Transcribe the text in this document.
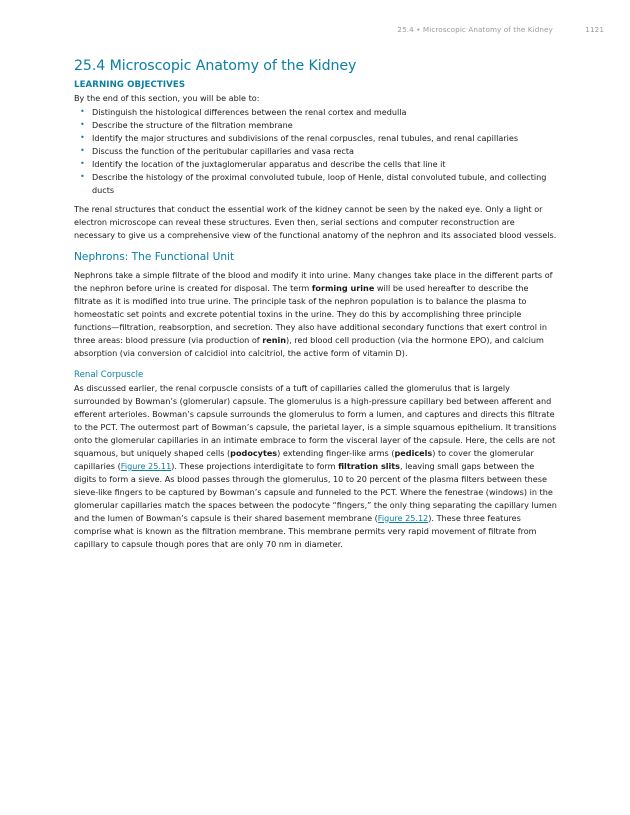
25.4 • Microscopic Anatomy of the Kidney	1121
25.4 Microscopic Anatomy of the Kidney
LEARNING OBJECTIVES

By the end of this section, you will be able to:

• Distinguish the histological differences between the renal cortex and medulla
• Describe the structure of the filtration membrane
• Identify the major structures and subdivisions of the renal corpuscles, renal tubules, and renal capillaries
• Discuss the function of the peritubular capillaries and vasa recta
• Identify the location of the juxtaglomerular apparatus and describe the cells that line it
• Describe the histology of the proximal convoluted tubule, loop of Henle, distal convoluted tubule, and collecting ducts

The renal structures that conduct the essential work of the kidney cannot be seen by the naked eye. Only a light or electron microscope can reveal these structures. Even then, serial sections and computer reconstruction are necessary to give us a comprehensive view of the functional anatomy of the nephron and its associated blood vessels.

Nephrons: The Functional Unit

Nephrons take a simple filtrate of the blood and modify it into urine. Many changes take place in the different parts of the nephron before urine is created for disposal. The term forming urine will be used hereafter to describe the filtrate as it is modified into true urine. The principle task of the nephron population is to balance the plasma to homeostatic set points and excrete potential toxins in the urine. They do this by accomplishing three principle functions—filtration, reabsorption, and secretion. They also have additional secondary functions that exert control in three areas: blood pressure (via production of renin), red blood cell production (via the hormone EPO), and calcium absorption (via conversion of calcidiol into calcitriol, the active form of vitamin D).

Renal Corpuscle

As discussed earlier, the renal corpuscle consists of a tuft of capillaries called the glomerulus that is largely surrounded by Bowman’s (glomerular) capsule. The glomerulus is a high-pressure capillary bed between afferent and efferent arterioles. Bowman’s capsule surrounds the glomerulus to form a lumen, and captures and directs this filtrate to the PCT. The outermost part of Bowman’s capsule, the parietal layer, is a simple squamous epithelium. It transitions onto the glomerular capillaries in an intimate embrace to form the visceral layer of the capsule. Here, the cells are not squamous, but uniquely shaped cells (podocytes) extending finger-like arms (pedicels) to cover the glomerular capillaries (Figure 25.11). These projections interdigitate to form filtration slits, leaving small gaps between the digits to form a sieve. As blood passes through the glomerulus, 10 to 20 percent of the plasma filters between these sieve-like fingers to be captured by Bowman’s capsule and funneled to the PCT. Where the fenestrae (windows) in the glomerular capillaries match the spaces between the podocyte “fingers,” the only thing separating the capillary lumen and the lumen of Bowman’s capsule is their shared basement membrane (Figure 25.12). These three features comprise what is known as the filtration membrane. This membrane permits very rapid movement of filtrate from capillary to capsule though pores that are only 70 nm in diameter.
